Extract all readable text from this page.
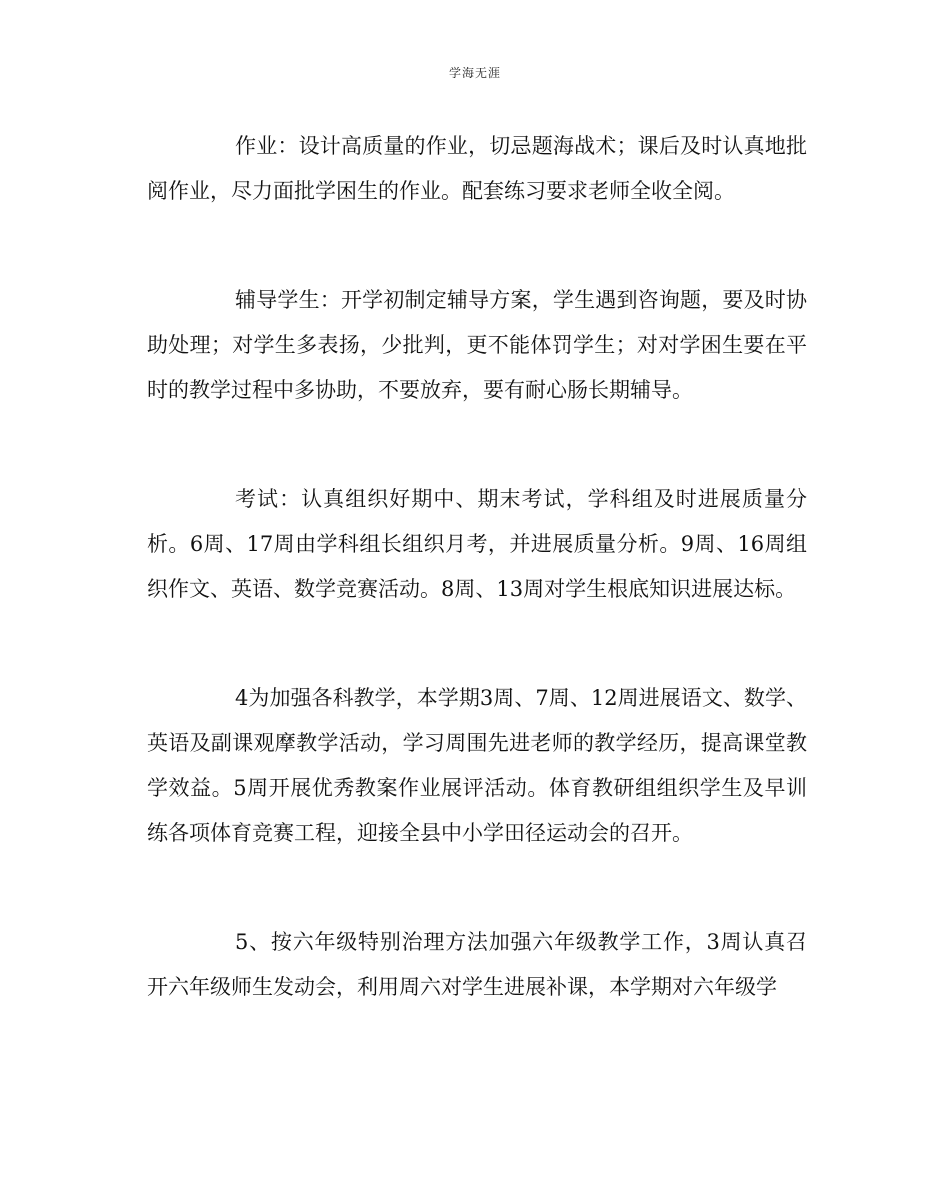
学海无涯

作业：设计高质量的作业，切忌题海战术；课后及时认真地批阅作业，尽力面批学困生的作业。配套练习要求老师全收全阅。

辅导学生：开学初制定辅导方案，学生遇到咨询题，要及时协助处理；对学生多表扬，少批判，更不能体罚学生；对对学困生要在平时的教学过程中多协助，不要放弃，要有耐心肠长期辅导。

考试：认真组织好期中、期末考试，学科组及时进展质量分析。6周、17周由学科组长组织月考，并进展质量分析。9周、16周组织作文、英语、数学竞赛活动。8周、13周对学生根底知识进展达标。

4为加强各科教学，本学期3周、7周、12周进展语文、数学、英语及副课观摩教学活动，学习周围先进老师的教学经历，提高课堂教学效益。5周开展优秀教案作业展评活动。体育教研组组织学生及早训练各项体育竞赛工程，迎接全县中小学田径运动会的召开。

5、按六年级特别治理方法加强六年级教学工作，3周认真召开六年级师生发动会，利用周六对学生进展补课，本学期对六年级学
